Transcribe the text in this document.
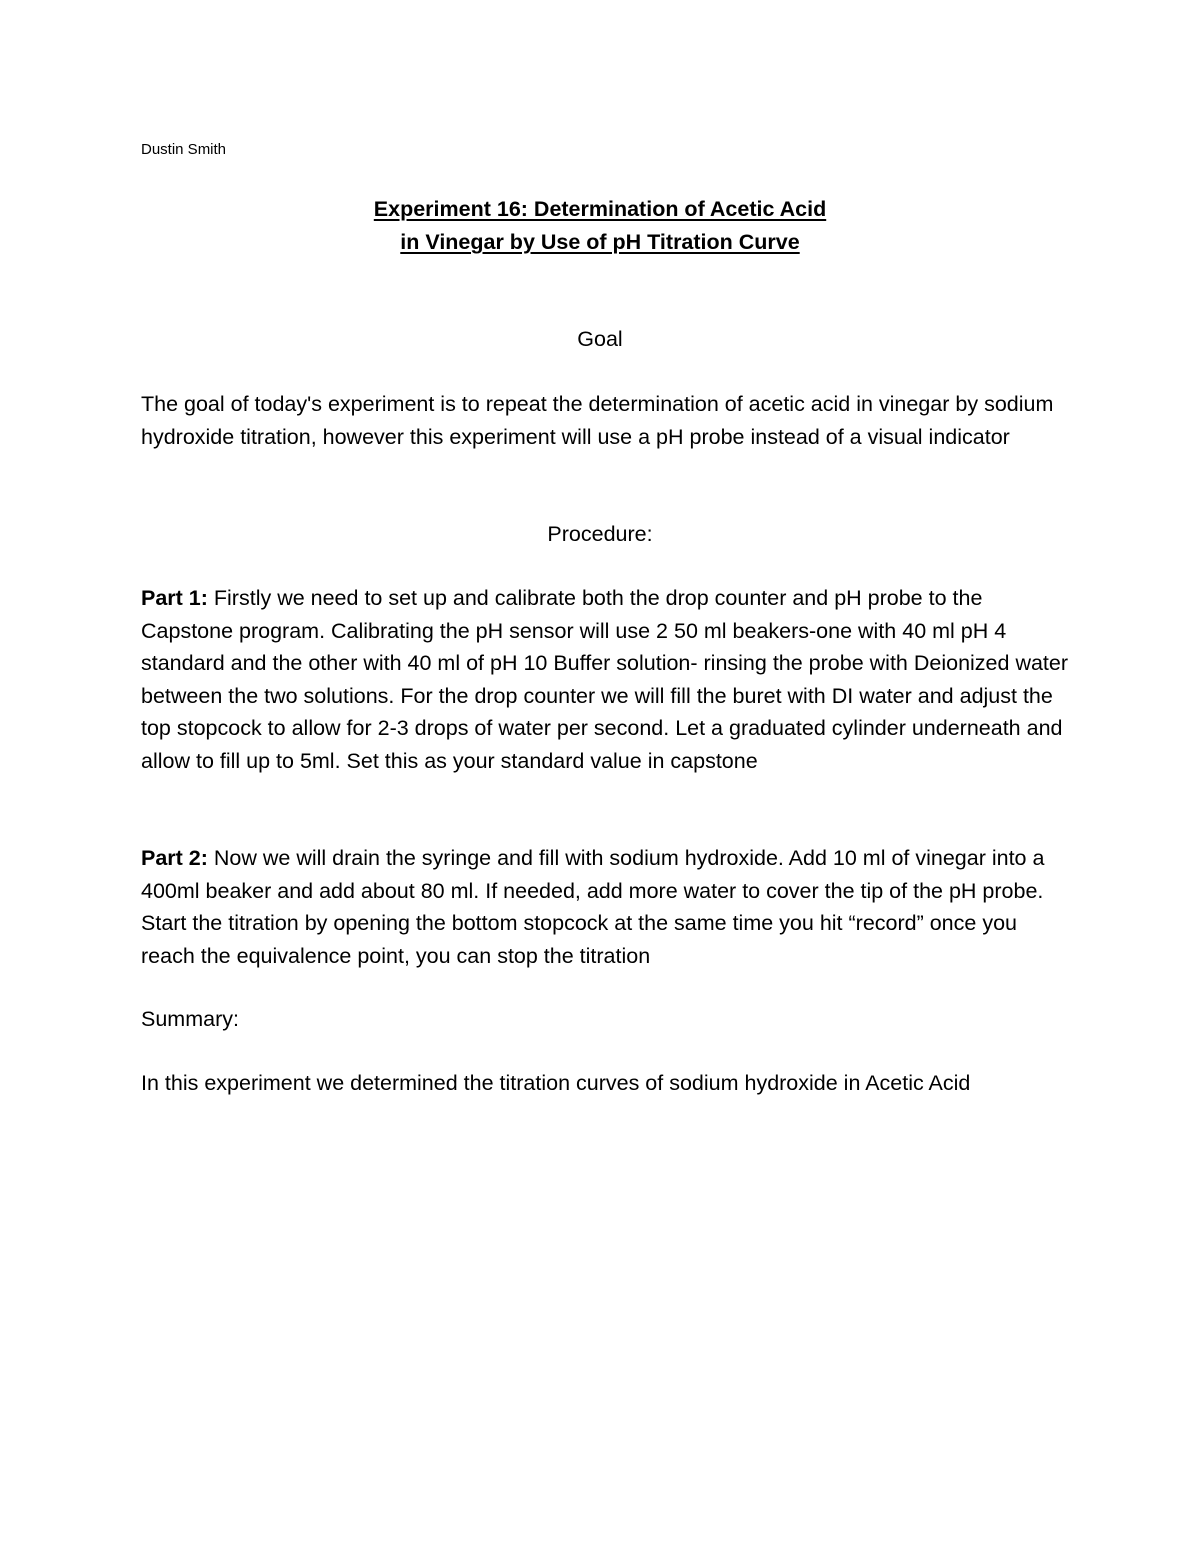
Dustin Smith
Experiment 16: Determination of Acetic Acid
in Vinegar by Use of pH Titration Curve
Goal
The goal of today's experiment is to repeat the determination of acetic acid in vinegar by sodium hydroxide titration, however this experiment will use a pH probe instead of a visual indicator
Procedure:
Part 1: Firstly we need to set up and calibrate both the drop counter and pH probe to the Capstone program. Calibrating the pH sensor will use 2 50 ml beakers-one with 40 ml pH 4 standard and the other with 40 ml of pH 10 Buffer solution- rinsing the probe with Deionized water between the two solutions. For the drop counter we will fill the buret with DI water and adjust the top stopcock to allow for 2-3 drops of water per second. Let a graduated cylinder underneath and allow to fill up to 5ml. Set this as your standard value in capstone
Part 2: Now we will drain the syringe and fill with sodium hydroxide. Add 10 ml of vinegar into a 400ml beaker and add about 80 ml. If needed, add more water to cover the tip of the pH probe. Start the titration by opening the bottom stopcock at the same time you hit “record” once you reach the equivalence point, you can stop the titration
Summary:
In this experiment we determined the titration curves of sodium hydroxide in Acetic Acid
